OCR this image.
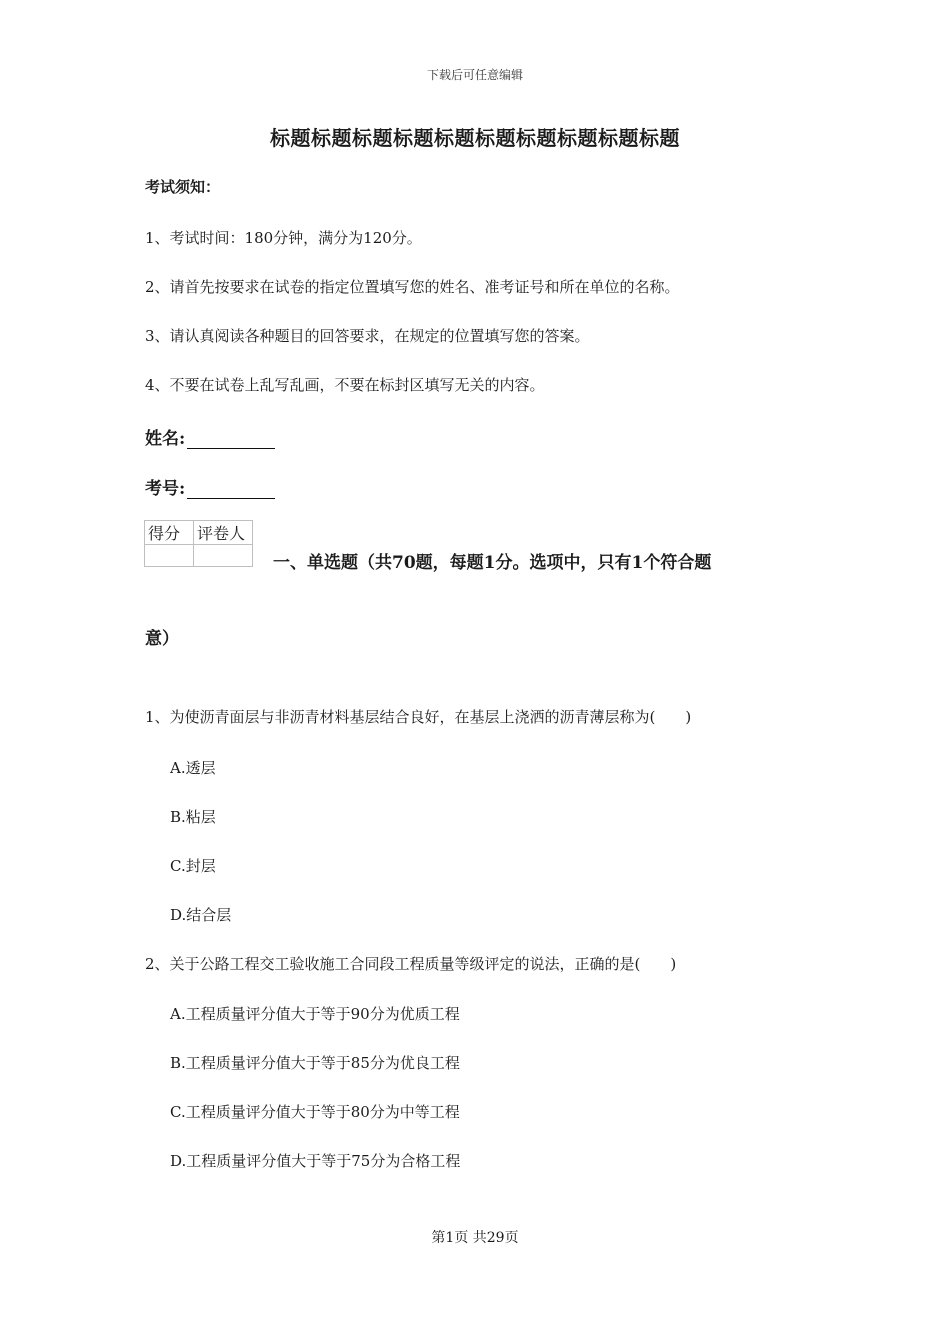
下载后可任意编辑
标题标题标题标题标题标题标题标题标题标题
考试须知：
1、考试时间：180分钟，满分为120分。
2、请首先按要求在试卷的指定位置填写您的姓名、准考证号和所在单位的名称。
3、请认真阅读各种题目的回答要求，在规定的位置填写您的答案。
4、不要在试卷上乱写乱画，不要在标封区填写无关的内容。
姓名:
考号:
得分	评卷人

一、单选题（共70题，每题1分。选项中，只有1个符合题
意）
1、为使沥青面层与非沥青材料基层结合良好，在基层上浇洒的沥青薄层称为(　　)
A.透层
B.粘层
C.封层
D.结合层
2、关于公路工程交工验收施工合同段工程质量等级评定的说法，正确的是(　　)
A.工程质量评分值大于等于90分为优质工程
B.工程质量评分值大于等于85分为优良工程
C.工程质量评分值大于等于80分为中等工程
D.工程质量评分值大于等于75分为合格工程
第1页 共29页
